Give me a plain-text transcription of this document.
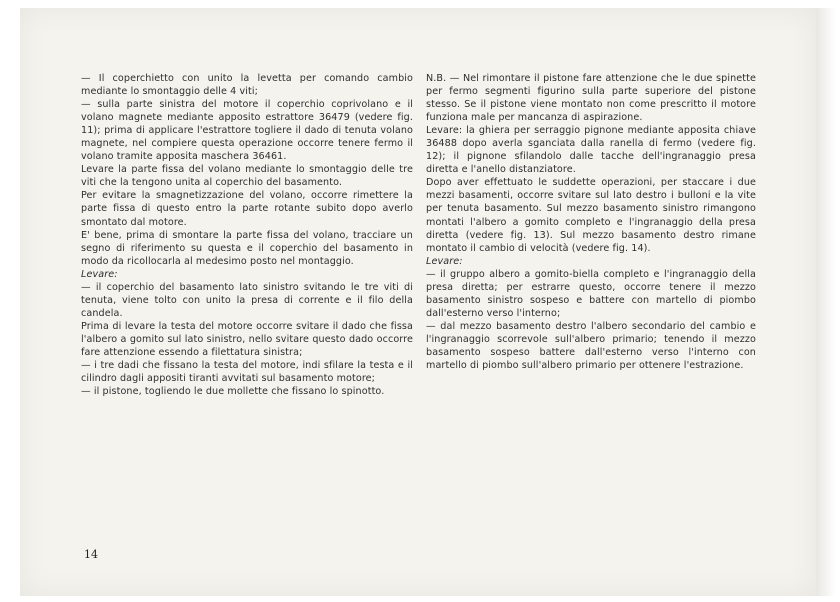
— Il coperchietto con unito la levetta per comando cambio mediante lo smontaggio delle 4 viti;

— sulla parte sinistra del motore il coperchio coprivolano e il volano magnete mediante apposito estrattore 36479 (vedere fig. 11); prima di applicare l'estrattore togliere il dado di tenuta volano magnete, nel compiere questa operazione occorre tenere fermo il volano tramite apposita maschera 36461.

Levare la parte fissa del volano mediante lo smontaggio delle tre viti che la tengono unita al coperchio del basamento.

Per evitare la smagnetizzazione del volano, occorre rimettere la parte fissa di questo entro la parte rotante subito dopo averlo smontato dal motore.

E' bene, prima di smontare la parte fissa del volano, tracciare un segno di riferimento su questa e il coperchio del basamento in modo da ricollocarla al medesimo posto nel montaggio.

Levare:

— il coperchio del basamento lato sinistro svitando le tre viti di tenuta, viene tolto con unito la presa di corrente e il filo della candela.

Prima di levare la testa del motore occorre svitare il dado che fissa l'albero a gomito sul lato sinistro, nello svitare questo dado occorre fare attenzione essendo a filettatura sinistra;

— i tre dadi che fissano la testa del motore, indi sfilare la testa e il cilindro dagli appositi tiranti avvitati sul basamento motore;

— il pistone, togliendo le due mollette che fissano lo spinotto.

N.B. — Nel rimontare il pistone fare attenzione che le due spinette per fermo segmenti figurino sulla parte superiore del pistone stesso. Se il pistone viene montato non come prescritto il motore funziona male per mancanza di aspirazione.

Levare: la ghiera per serraggio pignone mediante apposita chiave 36488 dopo averla sganciata dalla ranella di fermo (vedere fig. 12); il pignone sfilandolo dalle tacche dell'ingranaggio presa diretta e l'anello distanziatore.

Dopo aver effettuato le suddette operazioni, per staccare i due mezzi basamenti, occorre svitare sul lato destro i bulloni e la vite per tenuta basamento. Sul mezzo basamento sinistro rimangono montati l'albero a gomito completo e l'ingranaggio della presa diretta (vedere fig. 13). Sul mezzo basamento destro rimane montato il cambio di velocità (vedere fig. 14).

Levare:

— il gruppo albero a gomito-biella completo e l'ingranaggio della presa diretta; per estrarre questo, occorre tenere il mezzo basamento sinistro sospeso e battere con martello di piombo dall'esterno verso l'interno;

— dal mezzo basamento destro l'albero secondario del cambio e l'ingranaggio scorrevole sull'albero primario; tenendo il mezzo basamento sospeso battere dall'esterno verso l'interno con martello di piombo sull'albero primario per ottenere l'estrazione.

14
